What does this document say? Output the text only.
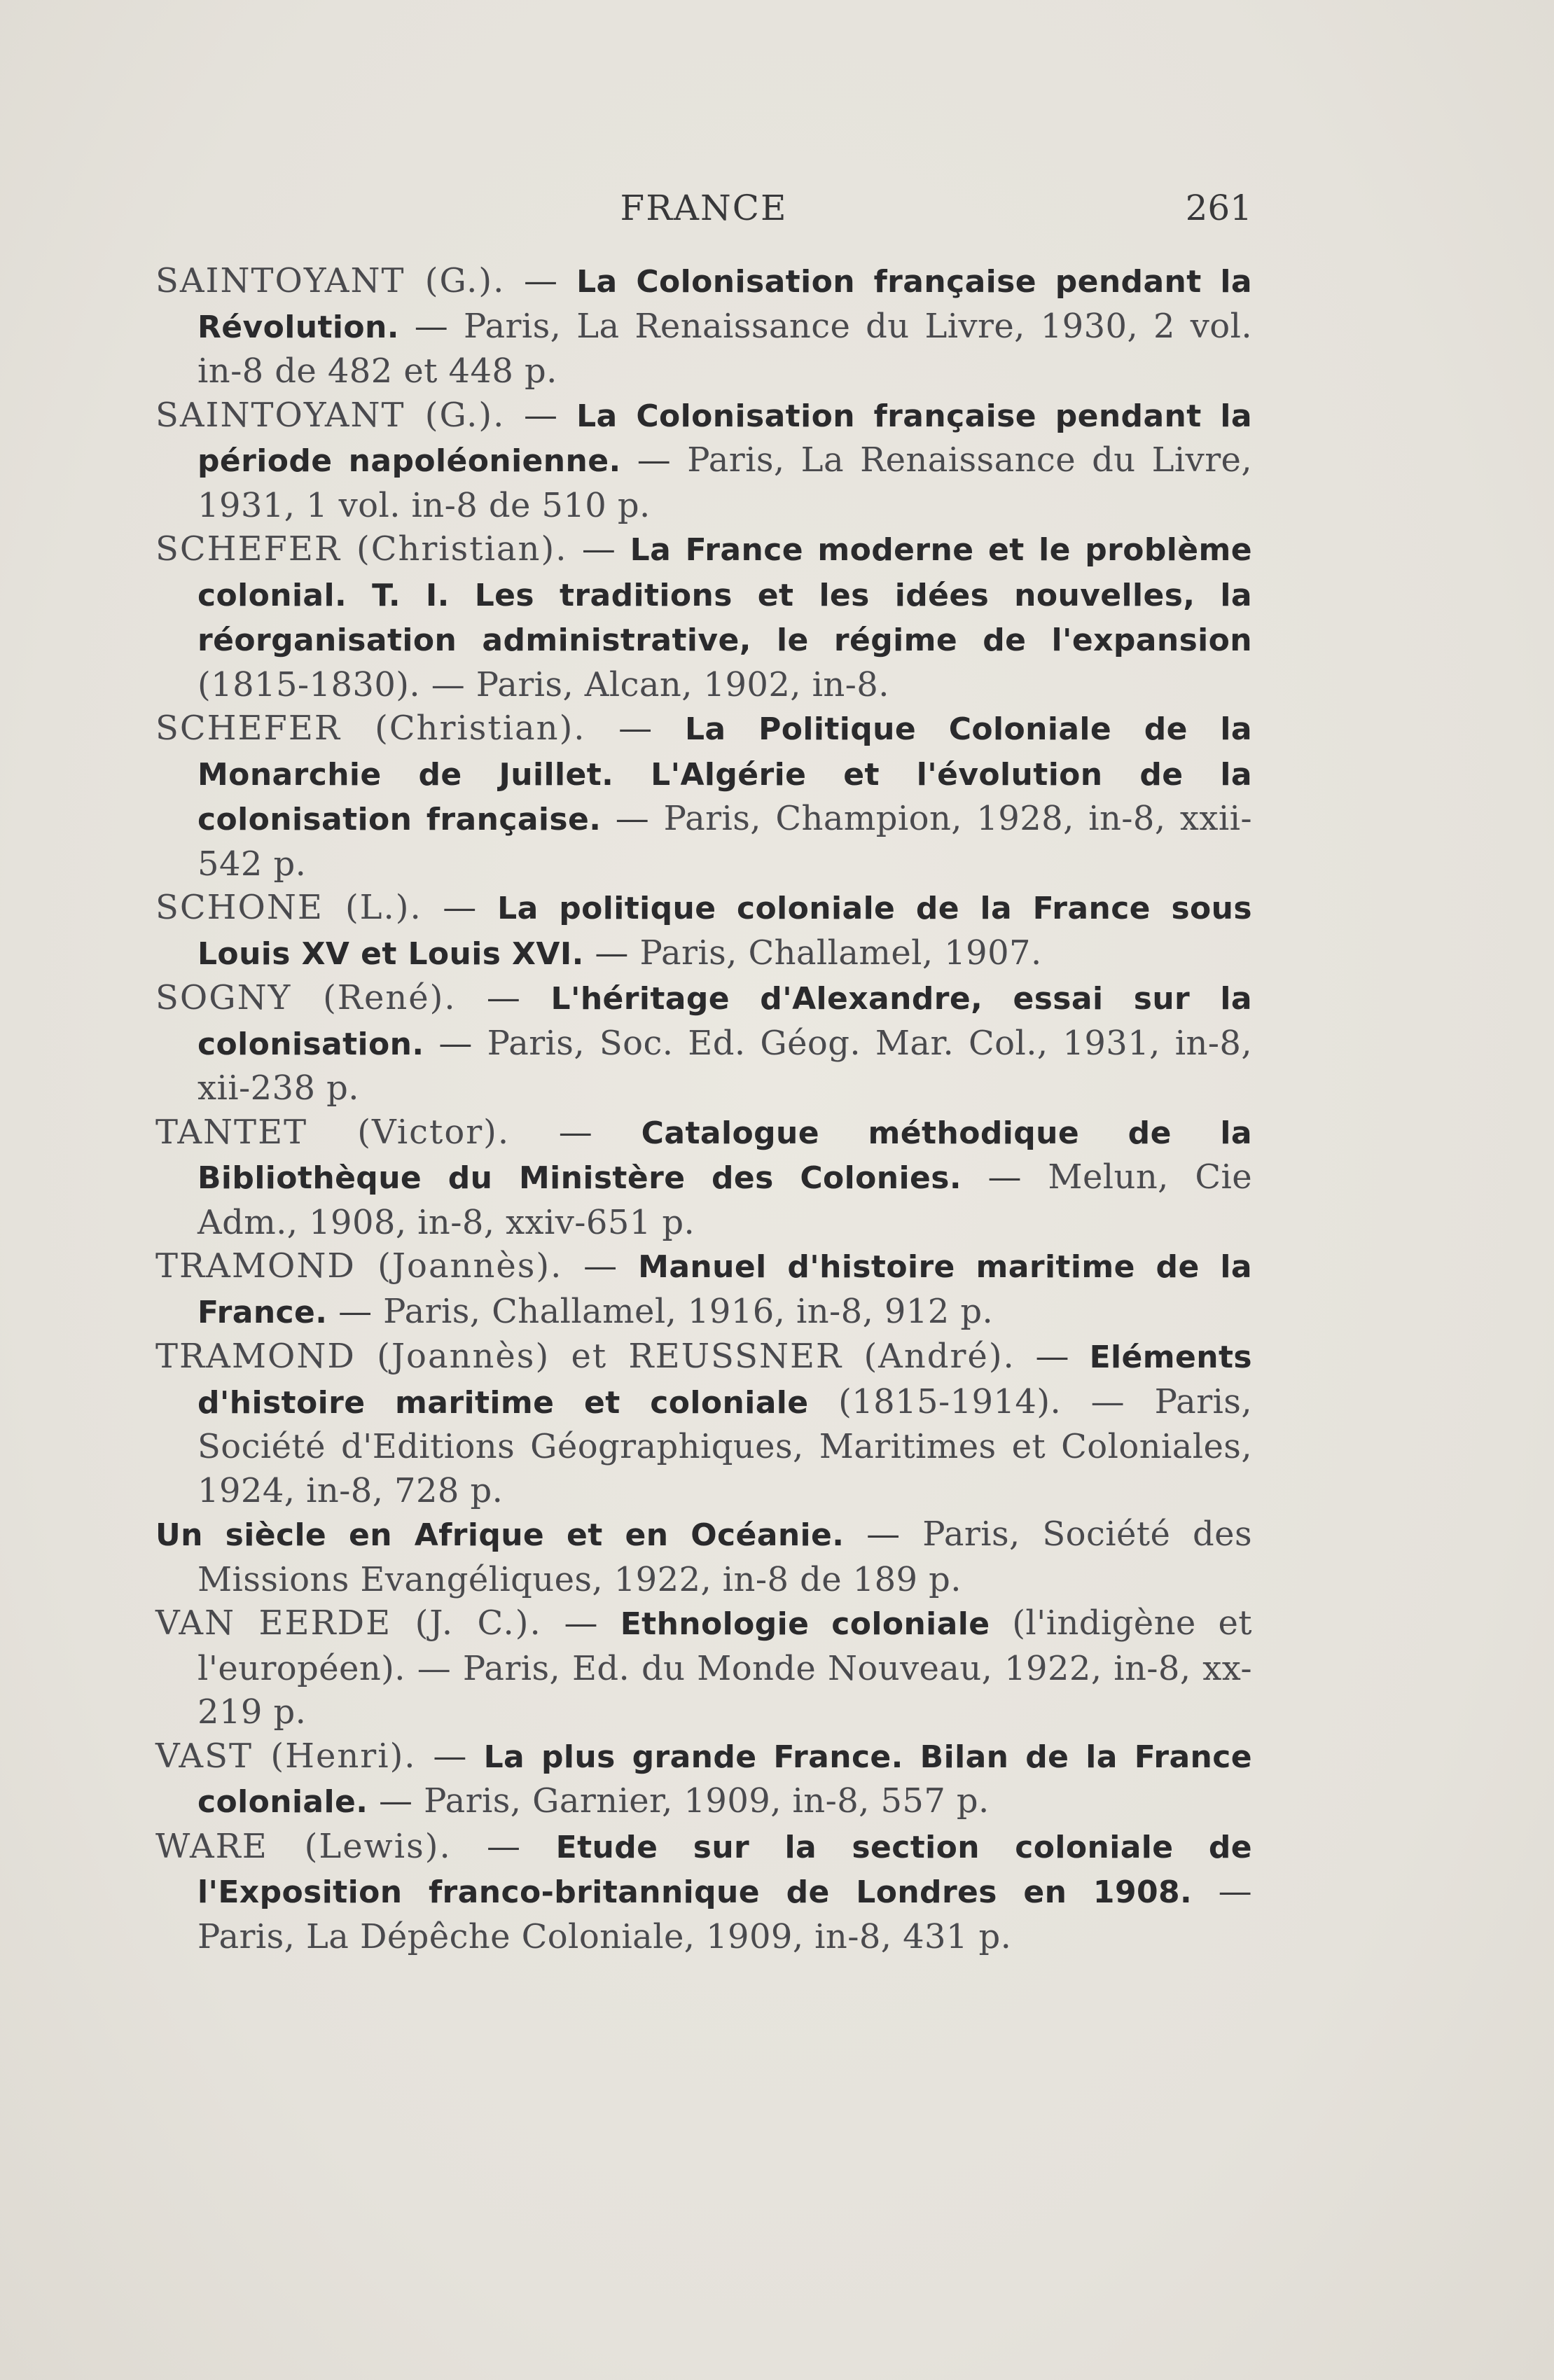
FRANCE	261

SAINTOYANT (G.). — La Colonisation française pendant la Révolution. — Paris, La Renaissance du Livre, 1930, 2 vol. in-8 de 482 et 448 p.

SAINTOYANT (G.). — La Colonisation française pendant la période napoléonienne. — Paris, La Renaissance du Livre, 1931, 1 vol. in-8 de 510 p.

SCHEFER (Christian). — La France moderne et le problème colonial. T. I. Les traditions et les idées nouvelles, la réorganisation administrative, le régime de l'expansion (1815-1830). — Paris, Alcan, 1902, in-8.

SCHEFER (Christian). — La Politique Coloniale de la Monarchie de Juillet. L'Algérie et l'évolution de la colonisation française. — Paris, Champion, 1928, in-8, xxii-542 p.

SCHONE (L.). — La politique coloniale de la France sous Louis XV et Louis XVI. — Paris, Challamel, 1907.

SOGNY (René). — L'héritage d'Alexandre, essai sur la colonisation. — Paris, Soc. Ed. Géog. Mar. Col., 1931, in-8, xii-238 p.

TANTET (Victor). — Catalogue méthodique de la Bibliothèque du Ministère des Colonies. — Melun, Cie Adm., 1908, in-8, xxiv-651 p.

TRAMOND (Joannès). — Manuel d'histoire maritime de la France. — Paris, Challamel, 1916, in-8, 912 p.

TRAMOND (Joannès) et REUSSNER (André). — Eléments d'histoire maritime et coloniale (1815-1914). — Paris, Société d'Editions Géographiques, Maritimes et Coloniales, 1924, in-8, 728 p.

Un siècle en Afrique et en Océanie. — Paris, Société des Missions Evangéliques, 1922, in-8 de 189 p.

VAN EERDE (J. C.). — Ethnologie coloniale (l'indigène et l'européen). — Paris, Ed. du Monde Nouveau, 1922, in-8, xx-219 p.

VAST (Henri). — La plus grande France. Bilan de la France coloniale. — Paris, Garnier, 1909, in-8, 557 p.

WARE (Lewis). — Etude sur la section coloniale de l'Exposition franco-britannique de Londres en 1908. — Paris, La Dépêche Coloniale, 1909, in-8, 431 p.
